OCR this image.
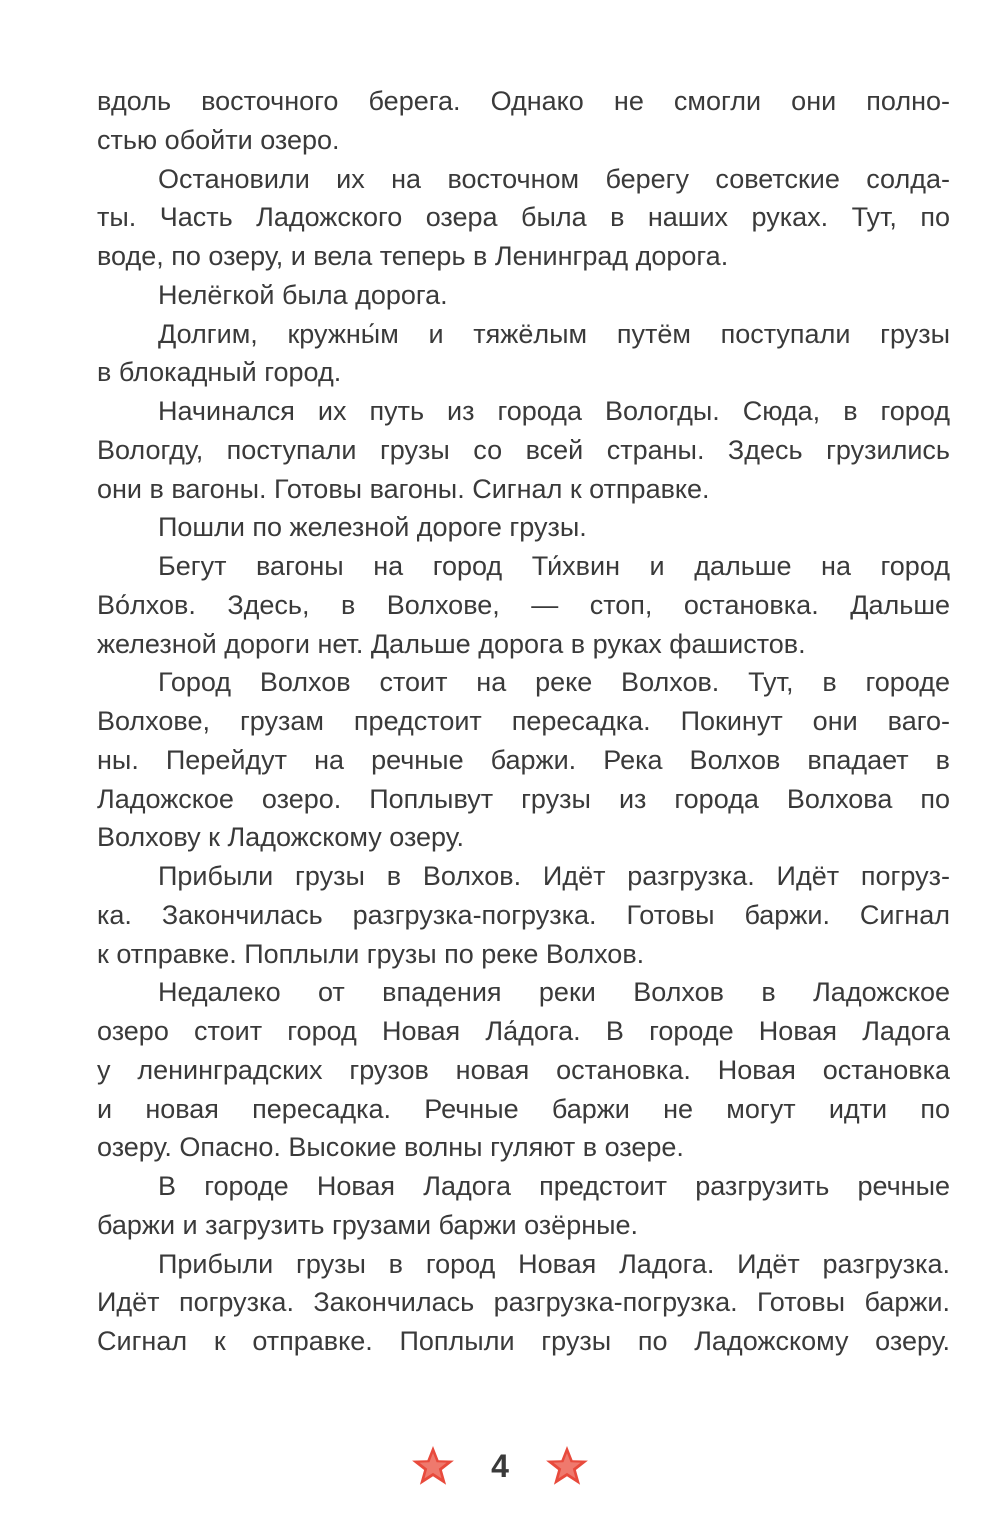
вдоль восточного берега. Однако не смогли они полно-
стью обойти озеро.
Остановили их на восточном берегу советские солда-
ты. Часть Ладожского озера была в наших руках. Тут, по
воде, по озеру, и вела теперь в Ленинград дорога.
Нелёгкой была дорога.
Долгим, кружны́м и тяжёлым путём поступали грузы
в блокадный город.
Начинался их путь из города Вологды. Сюда, в город
Вологду, поступали грузы со всей страны. Здесь грузились
они в вагоны. Готовы вагоны. Сигнал к отправке.
Пошли по железной дороге грузы.
Бегут вагоны на город Ти́хвин и дальше на город
Во́лхов. Здесь, в Волхове, — стоп, остановка. Дальше
железной дороги нет. Дальше дорога в руках фашистов.
Город Волхов стоит на реке Волхов. Тут, в городе
Волхове, грузам предстоит пересадка. Покинут они ваго-
ны. Перейдут на речные баржи. Река Волхов впадает в
Ладожское озеро. Поплывут грузы из города Волхова по
Волхову к Ладожскому озеру.
Прибыли грузы в Волхов. Идёт разгрузка. Идёт погруз-
ка. Закончилась разгрузка-погрузка. Готовы баржи. Сигнал
к отправке. Поплыли грузы по реке Волхов.
Недалеко от впадения реки Волхов в Ладожское
озеро стоит город Новая Ла́дога. В городе Новая Ладога
у ленинградских грузов новая остановка. Новая остановка
и новая пересадка. Речные баржи не могут идти по
озеру. Опасно. Высокие волны гуляют в озере.
В городе Новая Ладога предстоит разгрузить речные
баржи и загрузить грузами баржи озёрные.
Прибыли грузы в город Новая Ладога. Идёт разгрузка.
Идёт погрузка. Закончилась разгрузка-погрузка. Готовы баржи.
Сигнал к отправке. Поплыли грузы по Ладожскому озеру.
4
